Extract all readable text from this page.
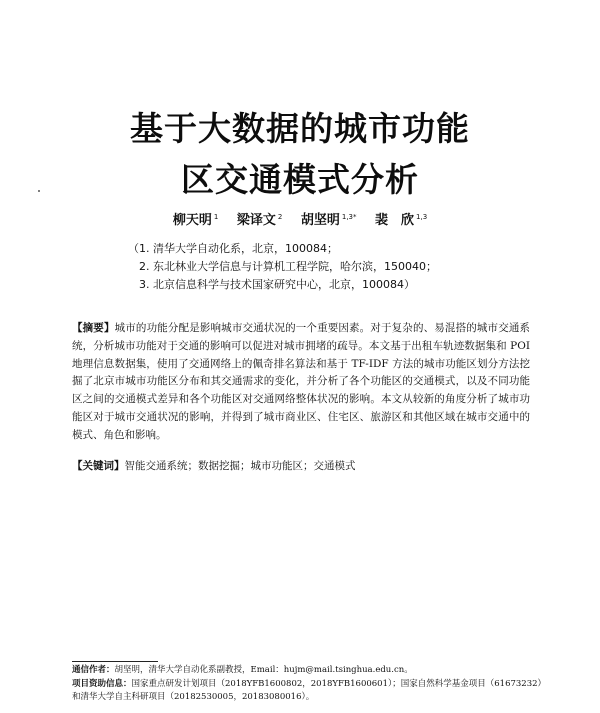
基于大数据的城市功能
区交通模式分析
柳天明 $^1$ 梁译文 $^2$ 胡坚明 $^{1,3*}$ 裴　欣 $^{1,3}$
（1. 清华大学自动化系，北京，100084；
　2. 东北林业大学信息与计算机工程学院，哈尔滨，150040；
　3. 北京信息科学与技术国家研究中心，北京，100084）
【摘要】城市的功能分配是影响城市交通状况的一个重要因素。对于复杂的、易混搭的城市交通系统，分析城市功能对于交通的影响可以促进对城市拥堵的疏导。本文基于出租车轨迹数据集和 POI 地理信息数据集，使用了交通网络上的佩奇排名算法和基于 TF-IDF 方法的城市功能区划分方法挖掘了北京市城市功能区分布和其交通需求的变化，并分析了各个功能区的交通模式，以及不同功能区之间的交通模式差异和各个功能区对交通网络整体状况的影响。本文从较新的角度分析了城市功能区对于城市交通状况的影响，并得到了城市商业区、住宅区、旅游区和其他区域在城市交通中的模式、角色和影响。
【关键词】智能交通系统；数据挖掘；城市功能区；交通模式
通信作者：胡坚明，清华大学自动化系副教授，Email：hujm@mail.tsinghua.edu.cn。
项目资助信息：国家重点研发计划项目（2018YFB1600802，2018YFB1600601）；国家自然科学基金项目（61673232）
和清华大学自主科研项目（20182530005，20183080016）。
